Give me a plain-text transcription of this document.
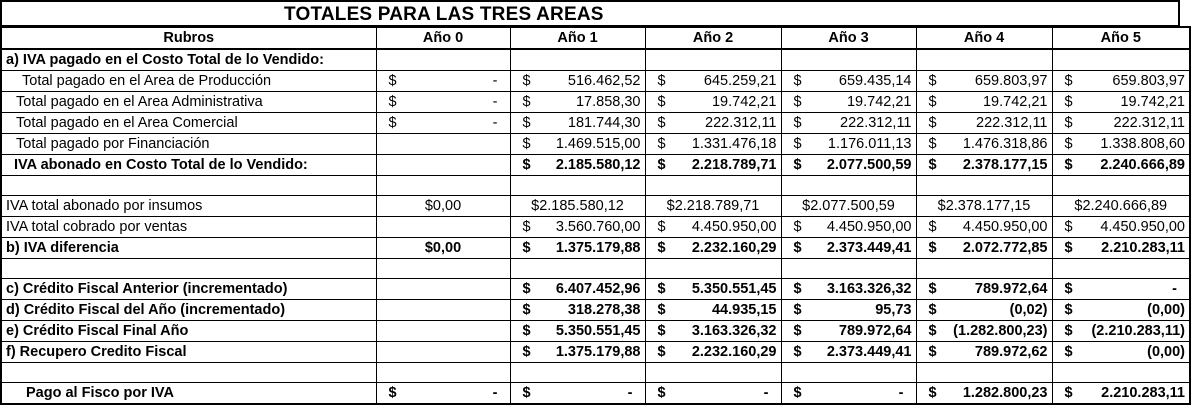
TOTALES PARA LAS TRES AREAS
Rubros	Año 0	Año 1	Año 2	Año 3	Año 4	Año 5
a) IVA pagado en el Costo Total de lo Vendido:						
Total pagado en el Area de Producción	$ -	$ 516.462,52	$ 645.259,21	$ 659.435,14	$ 659.803,97	$ 659.803,97

Total pagado en el Area Administrativa	$ -	$ 17.858,30	$ 19.742,21	$ 19.742,21	$ 19.742,21	$ 19.742,21

Total pagado en el Area Comercial	$ -	$ 181.744,30	$ 222.312,11	$ 222.312,11	$ 222.312,11	$ 222.312,11

Total pagado por Financiación		$ 1.469.515,00	$ 1.331.476,18	$ 1.176.011,13	$ 1.476.318,86	$ 1.338.808,60

IVA abonado en Costo Total de lo Vendido:		$ 2.185.580,12	$ 2.218.789,71	$ 2.077.500,59	$ 2.378.177,15	$ 2.240.666,89

IVA total abonado por insumos	$0,00	$2.185.580,12	$2.218.789,71	$2.077.500,59	$2.378.177,15	$2.240.666,89
IVA total cobrado por ventas		$ 3.560.760,00	$ 4.450.950,00	$ 4.450.950,00	$ 4.450.950,00	$ 4.450.950,00

b) IVA diferencia	$0,00	$ 1.375.179,88	$ 2.232.160,29	$ 2.373.449,41	$ 2.072.772,85	$ 2.210.283,11

c) Crédito Fiscal Anterior (incrementado)		$ 6.407.452,96	$ 5.350.551,45	$ 3.163.326,32	$ 789.972,64	$ -

d) Crédito Fiscal del Año (incrementado)		$ 318.278,38	$ 44.935,15	$ 95,73	$ (0,02)	$ (0,00)

e) Crédito Fiscal Final Año		$ 5.350.551,45	$ 3.163.326,32	$ 789.972,64	$ (1.282.800,23)	$ (2.210.283,11)

f) Recupero Credito Fiscal		$ 1.375.179,88	$ 2.232.160,29	$ 2.373.449,41	$ 789.972,62	$ (0,00)

Pago al Fisco por IVA	$ -	$ -	$ -	$ -	$ 1.282.800,23	$ 2.210.283,11
